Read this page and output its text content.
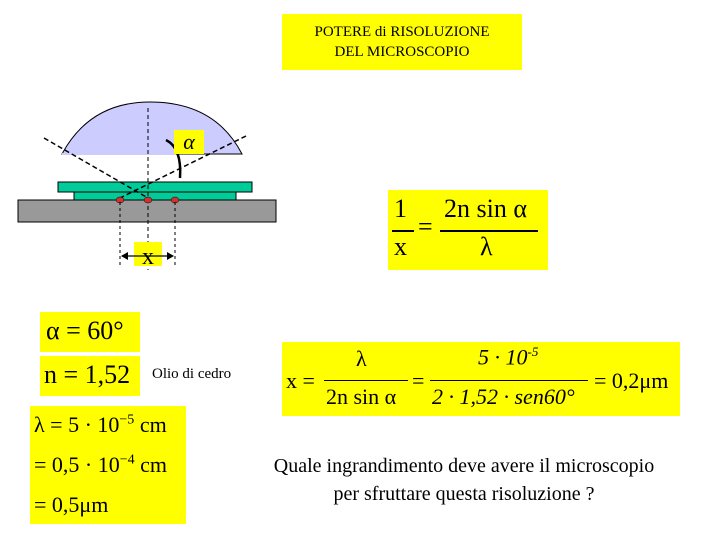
POTERE di RISOLUZIONE
DEL MICROSCOPIO
α
x
1
x
=
2n sin α
λ
α = 60°
n = 1,52 Olio di cedro
$\lambda = 5 \cdot 10^{-5}$ cm
= $0,5 \cdot 10^{-4}$ cm
= 0,5μm
x =
λ
2n sin α
=
$5 \cdot 10^{-5}$
2 · 1,52 · sen60°
= 0,2μm
Quale ingrandimento deve avere il microscopio
per sfruttare questa risoluzione ?
